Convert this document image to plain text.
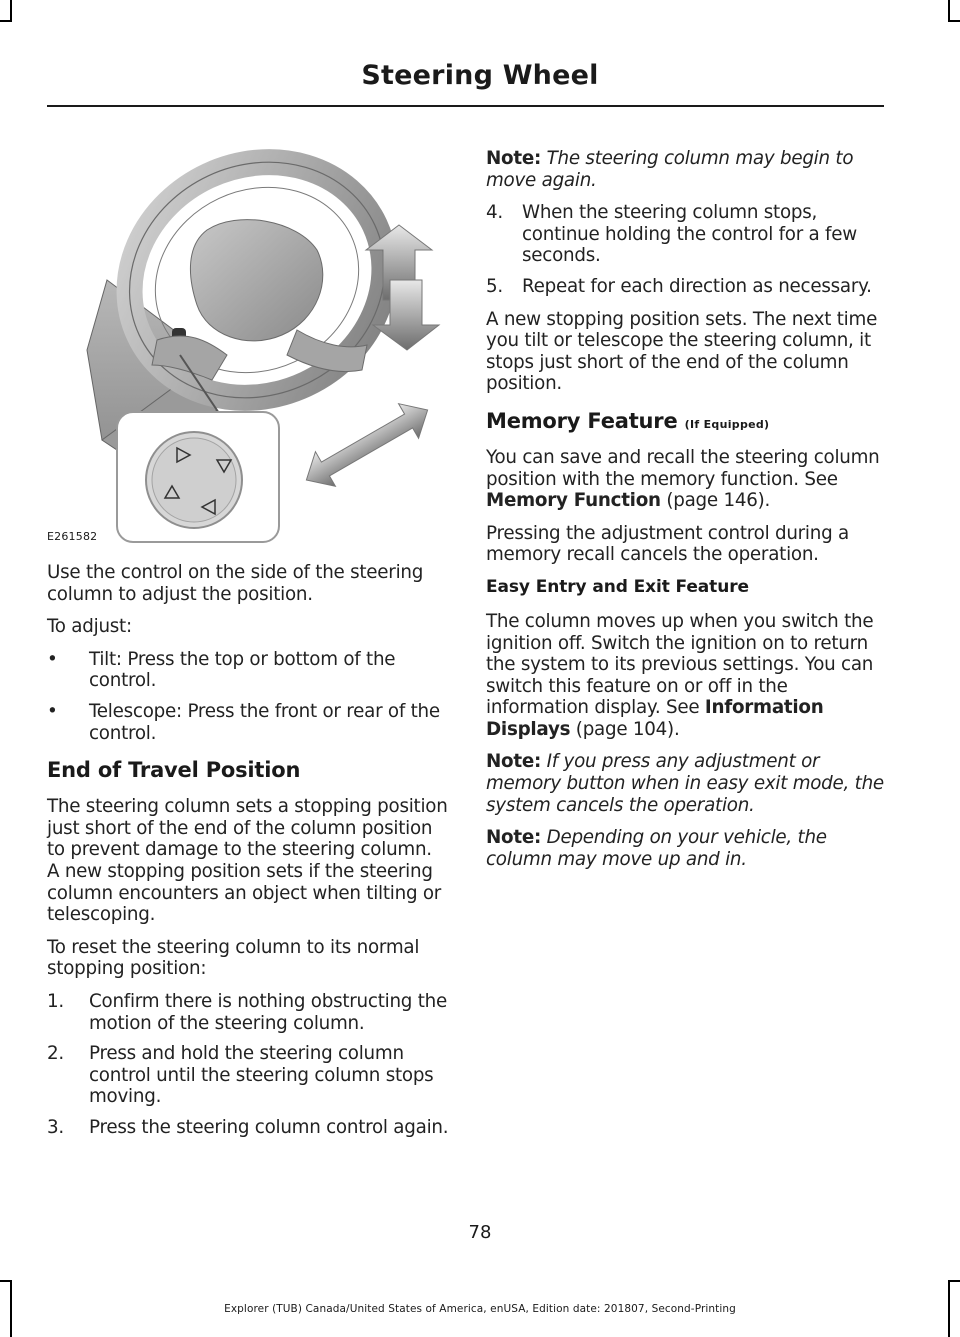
Steering Wheel
E261582

Use the control on the side of the steering column to adjust the position.

To adjust:

• Tilt: Press the top or bottom of the control.
• Telescope: Press the front or rear of the control.
End of Travel Position

The steering column sets a stopping position just short of the end of the column position to prevent damage to the steering column. A new stopping position sets if the steering column encounters an object when tilting or telescoping.

To reset the steering column to its normal stopping position:

1. Confirm there is nothing obstructing the motion of the steering column.
2. Press and hold the steering column control until the steering column stops moving.
3. Press the steering column control again.

Note: The steering column may begin to move again.

4. When the steering column stops, continue holding the control for a few seconds.
5. Repeat for each direction as necessary.

A new stopping position sets. The next time you tilt or telescope the steering column, it stops just short of the end of the column position.

Memory Feature (If Equipped)

You can save and recall the steering column position with the memory function. See Memory Function (page 146).

Pressing the adjustment control during a memory recall cancels the operation.

Easy Entry and Exit Feature

The column moves up when you switch the ignition off. Switch the ignition on to return the system to its previous settings. You can switch this feature on or off in the information display. See Information Displays (page 104).

Note: If you press any adjustment or memory button when in easy exit mode, the system cancels the operation.

Note: Depending on your vehicle, the column may move up and in.

78
Explorer (TUB) Canada/United States of America, enUSA, Edition date: 201807, Second-Printing
